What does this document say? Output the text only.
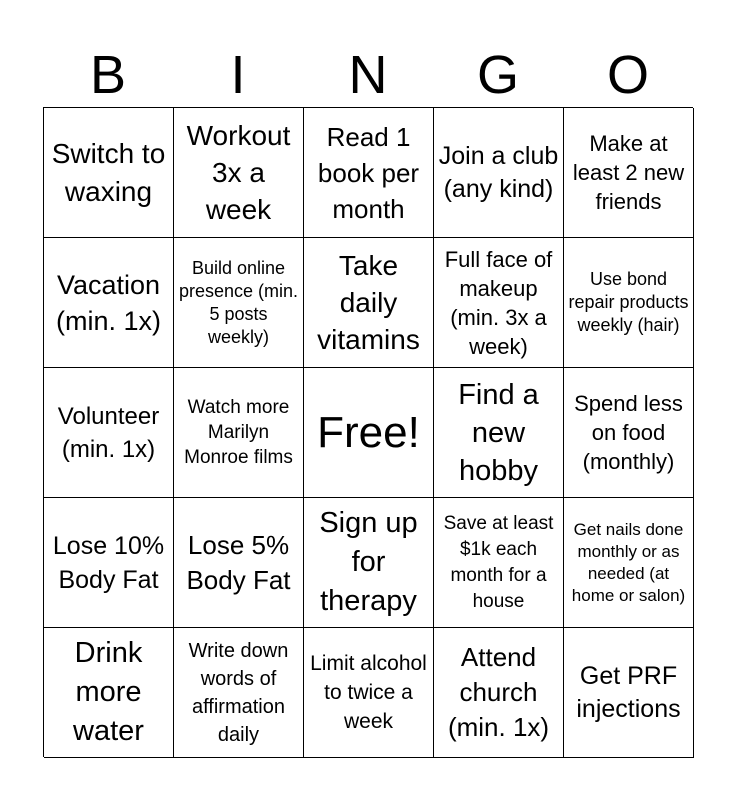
B	I	N	G	O
Switch to waxing
Workout 3x a week
Read 1 book per month
Join a club (any kind)
Make at least 2 new friends
Vacation (min. 1x)
Build online presence (min. 5 posts weekly)
Take daily vitamins
Full face of makeup (min. 3x a week)
Use bond repair products weekly (hair)
Volunteer (min. 1x)
Watch more Marilyn Monroe films
Free!
Find a new hobby
Spend less on food (monthly)
Lose 10% Body Fat
Lose 5% Body Fat
Sign up for therapy
Save at least $1k each month for a house
Get nails done monthly or as needed (at home or salon)
Drink more water
Write down words of affirmation daily
Limit alcohol to twice a week
Attend church (min. 1x)
Get PRF injections
